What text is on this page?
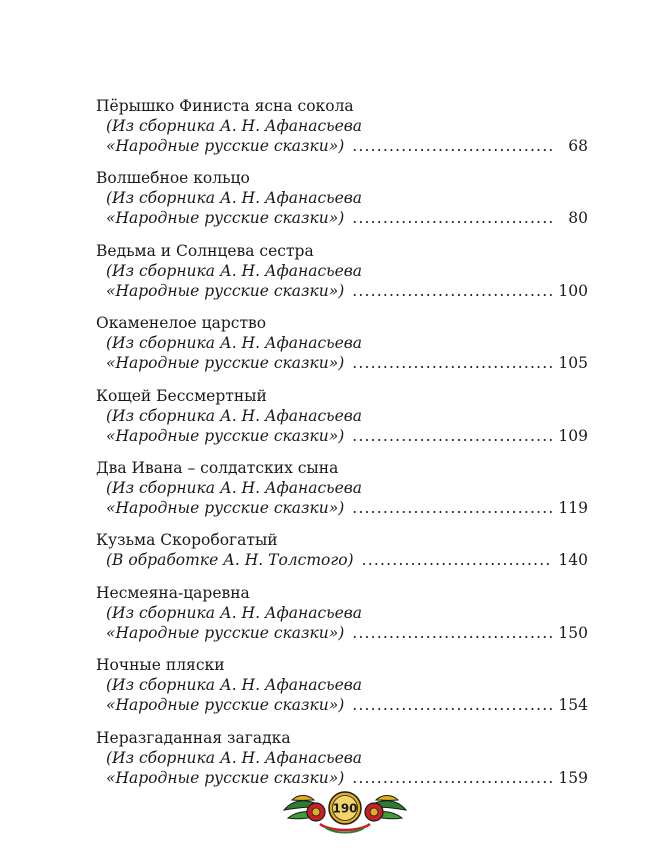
Пёрышко Финиста ясна сокола
(Из сборника А. Н. Афанасьева
«Народные русские сказки») .....	68
Волшебное кольцо
(Из сборника А. Н. Афанасьева
«Народные русские сказки») .....	80
Ведьма и Солнцева сестра
(Из сборника А. Н. Афанасьева
«Народные русские сказки») .....	100
Окаменелое царство
(Из сборника А. Н. Афанасьева
«Народные русские сказки») .....	105
Кощей Бессмертный
(Из сборника А. Н. Афанасьева
«Народные русские сказки») .....	109
Два Ивана – солдатских сына
(Из сборника А. Н. Афанасьева
«Народные русские сказки») .....	119
Кузьма Скоробогатый
(В обработке А. Н. Толстого) .....	140
Несмеяна-царевна
(Из сборника А. Н. Афанасьева
«Народные русские сказки») .....	150
Ночные пляски
(Из сборника А. Н. Афанасьева
«Народные русские сказки») .....	154
Неразгаданная загадка
(Из сборника А. Н. Афанасьева
«Народные русские сказки») .....	159
190
